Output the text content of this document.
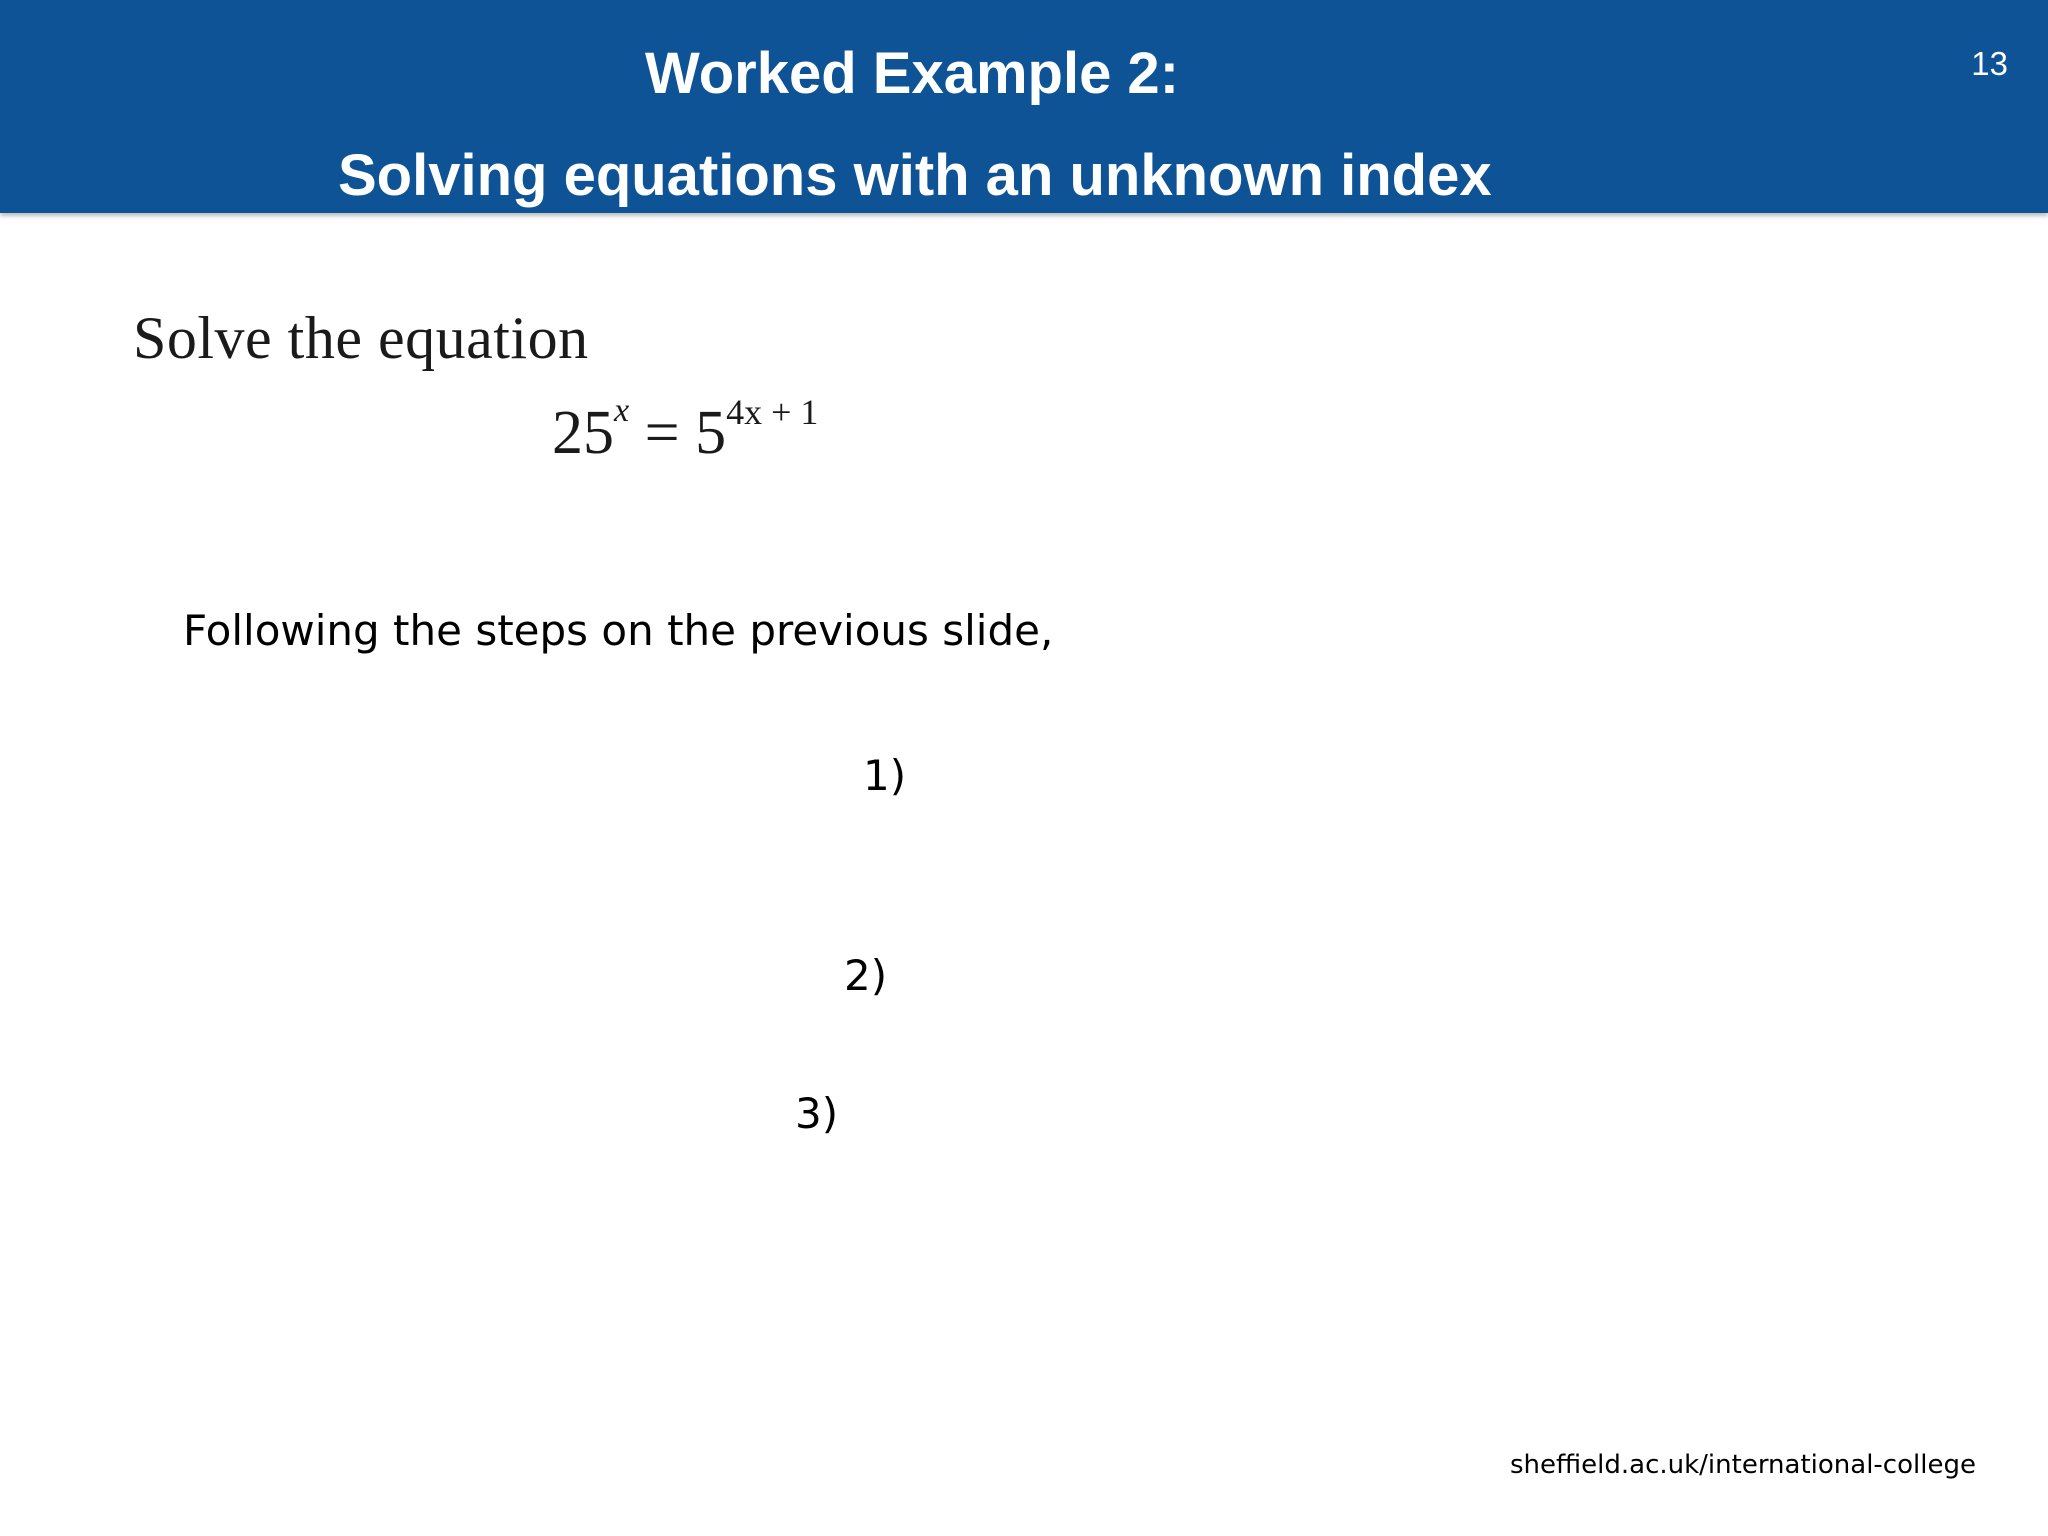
Worked Example 2:
Solving equations with an unknown index
13
Solve the equation
$25^x = 5^{4x + 1}$
Following the steps on the previous slide,
1)
2)
3)
sheffield.ac.uk/international-college
